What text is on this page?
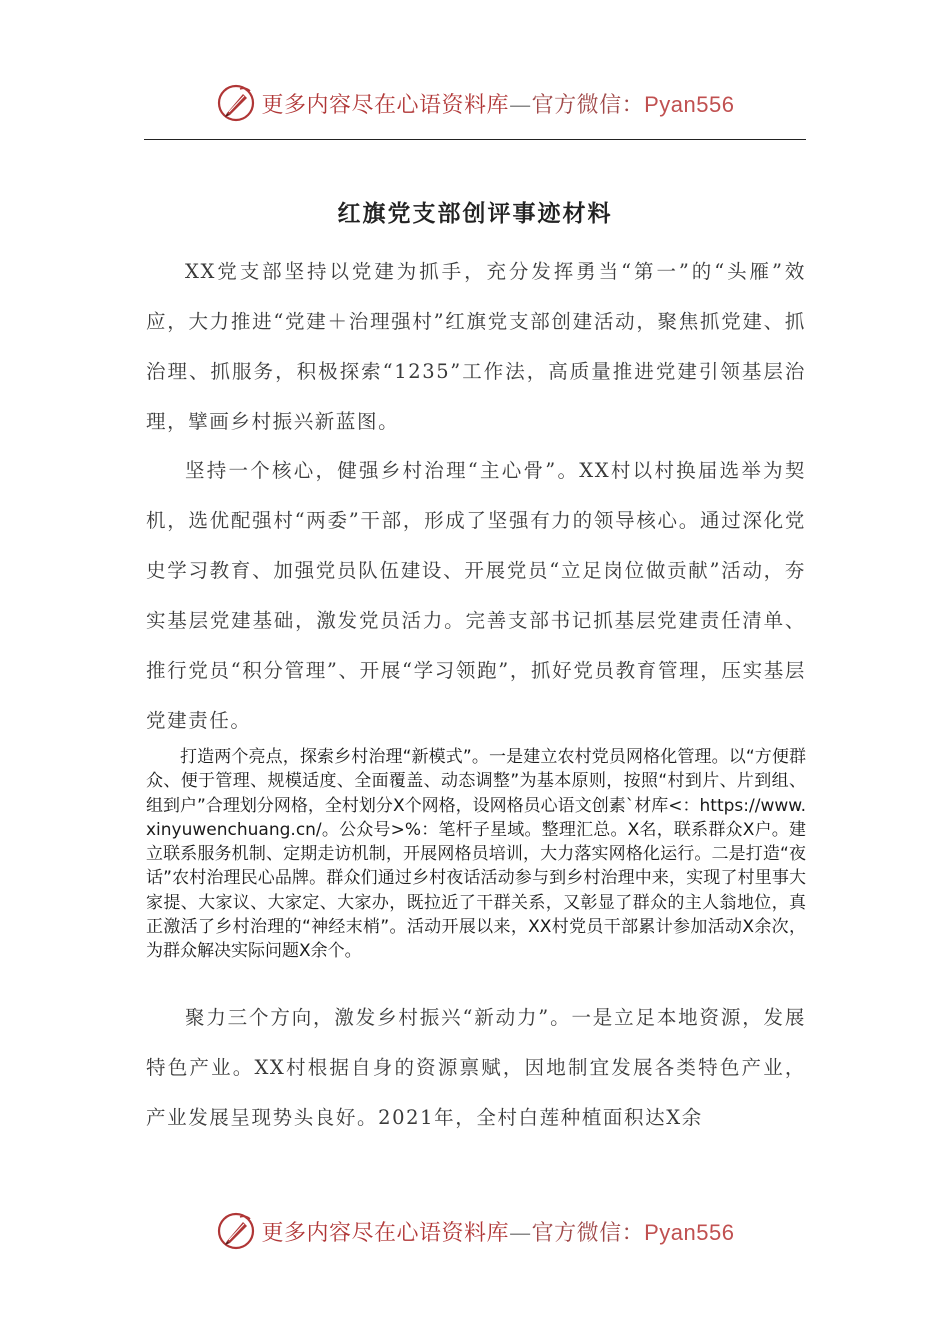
更多内容尽在心语资料库—官方微信：Pyan556
红旗党支部创评事迹材料

XX党支部坚持以党建为抓手，充分发挥勇当“第一”的“头雁”效应，大力推进“党建＋治理强村”红旗党支部创建活动，聚焦抓党建、抓治理、抓服务，积极探索“1235”工作法，高质量推进党建引领基层治理，擘画乡村振兴新蓝图。

坚持一个核心，健强乡村治理“主心骨”。XX村以村换届选举为契机，选优配强村“两委”干部，形成了坚强有力的领导核心。通过深化党史学习教育、加强党员队伍建设、开展党员“立足岗位做贡献”活动，夯实基层党建基础，激发党员活力。完善支部书记抓基层党建责任清单、推行党员“积分管理”、开展“学习领跑”，抓好党员教育管理，压实基层党建责任。

打造两个亮点，探索乡村治理“新模式”。一是建立农村党员网格化管理。以“方便群众、便于管理、规模适度、全面覆盖、动态调整”为基本原则，按照“村到片、片到组、组到户”合理划分网格，全村划分X个网格，设网格员心语文创素`材库<：https://www.xinyuwenchuang.cn/。公众号>%：笔杆子星域。整理汇总。X名，联系群众X户。建立联系服务机制、定期走访机制，开展网格员培训，大力落实网格化运行。二是打造“夜话”农村治理民心品牌。群众们通过乡村夜话活动参与到乡村治理中来，实现了村里事大家提、大家议、大家定、大家办，既拉近了干群关系，又彰显了群众的主人翁地位，真正激活了乡村治理的“神经末梢”。活动开展以来，XX村党员干部累计参加活动X余次，为群众解决实际问题X余个。

聚力三个方向，激发乡村振兴“新动力”。一是立足本地资源，发展特色产业。XX村根据自身的资源禀赋，因地制宜发展各类特色产业，产业发展呈现势头良好。2021年，全村白莲种植面积达X余

更多内容尽在心语资料库—官方微信：Pyan556
